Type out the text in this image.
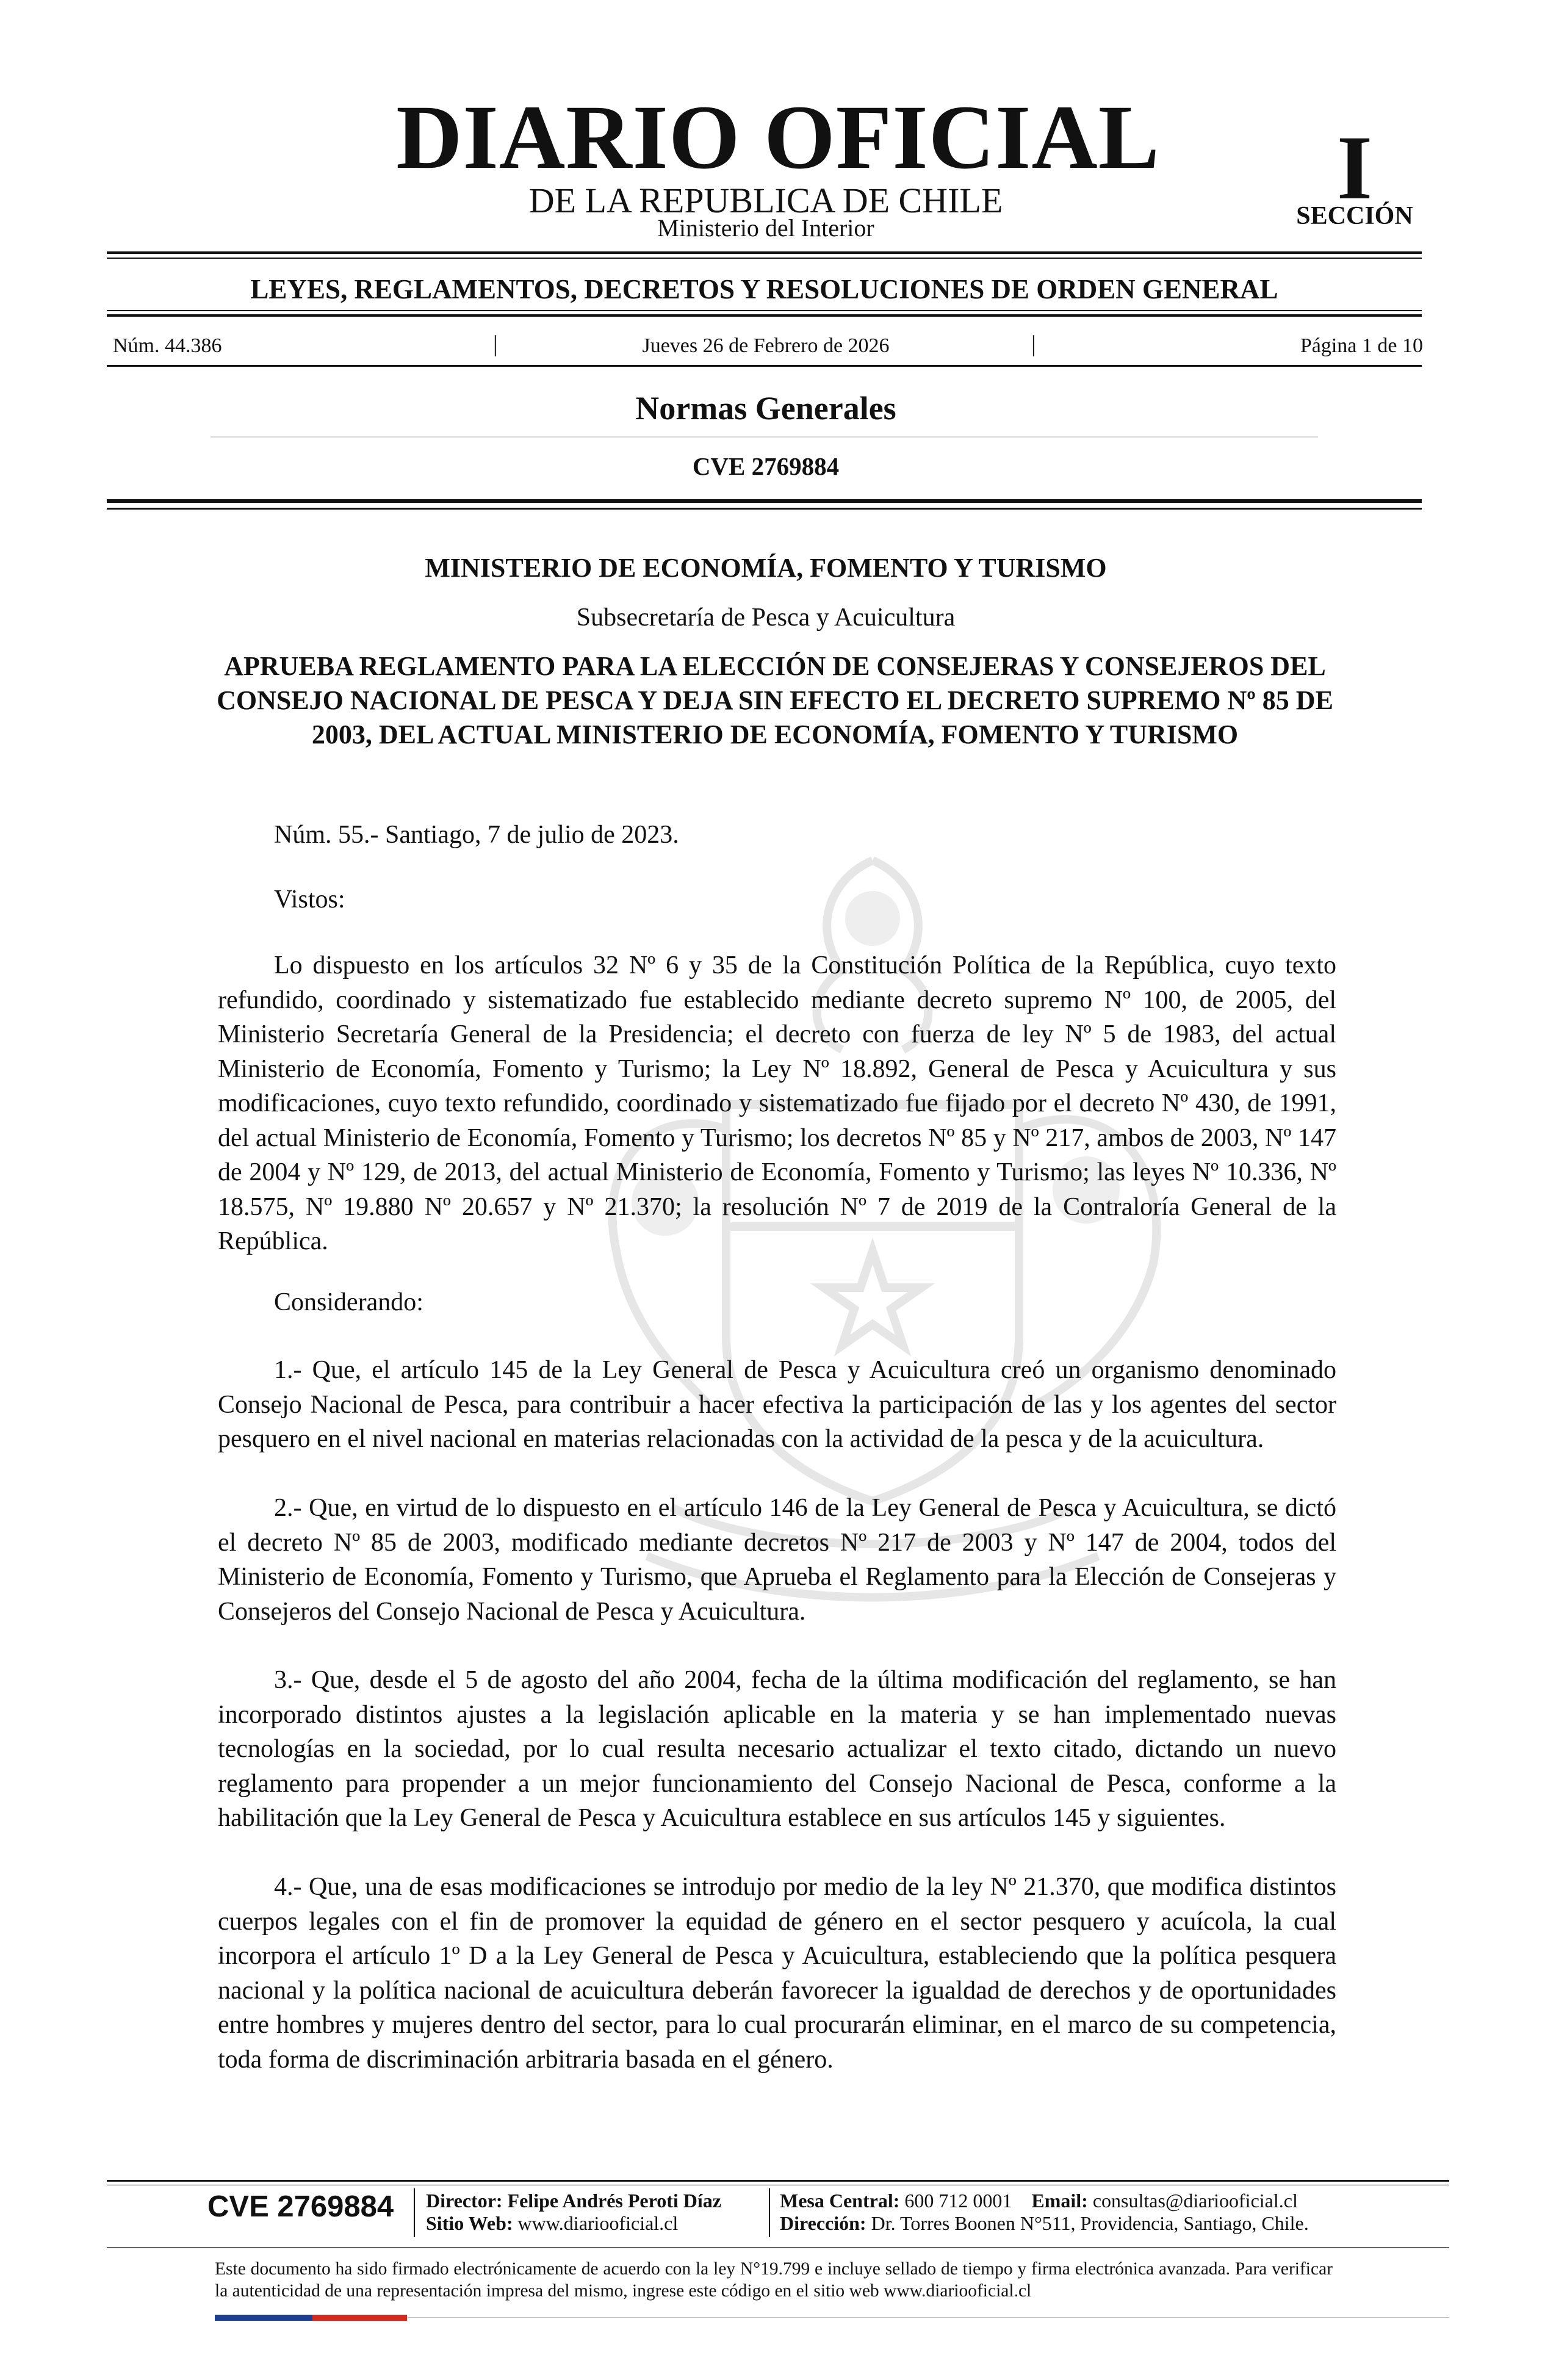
DIARIO OFICIAL
DE LA REPUBLICA DE CHILE
Ministerio del Interior
I
SECCIÓN
LEYES, REGLAMENTOS, DECRETOS Y RESOLUCIONES DE ORDEN GENERAL
Núm. 44.386	|	Jueves 26 de Febrero de 2026	|	Página 1 de 10
Normas Generales
CVE 2769884
MINISTERIO DE ECONOMÍA, FOMENTO Y TURISMO
Subsecretaría de Pesca y Acuicultura
APRUEBA REGLAMENTO PARA LA ELECCIÓN DE CONSEJERAS Y CONSEJEROS DEL CONSEJO NACIONAL DE PESCA Y DEJA SIN EFECTO EL DECRETO SUPREMO Nº 85 DE 2003, DEL ACTUAL MINISTERIO DE ECONOMÍA, FOMENTO Y TURISMO
Núm. 55.- Santiago, 7 de julio de 2023.
Vistos:
Lo dispuesto en los artículos 32 Nº 6 y 35 de la Constitución Política de la República, cuyo texto refundido, coordinado y sistematizado fue establecido mediante decreto supremo Nº 100, de 2005, del Ministerio Secretaría General de la Presidencia; el decreto con fuerza de ley Nº 5 de 1983, del actual Ministerio de Economía, Fomento y Turismo; la Ley Nº 18.892, General de Pesca y Acuicultura y sus modificaciones, cuyo texto refundido, coordinado y sistematizado fue fijado por el decreto Nº 430, de 1991, del actual Ministerio de Economía, Fomento y Turismo; los decretos Nº 85 y Nº 217, ambos de 2003, Nº 147 de 2004 y Nº 129, de 2013, del actual Ministerio de Economía, Fomento y Turismo; las leyes Nº 10.336, Nº 18.575, Nº 19.880 Nº 20.657 y Nº 21.370; la resolución Nº 7 de 2019 de la Contraloría General de la República.
Considerando:
1.- Que, el artículo 145 de la Ley General de Pesca y Acuicultura creó un organismo denominado Consejo Nacional de Pesca, para contribuir a hacer efectiva la participación de las y los agentes del sector pesquero en el nivel nacional en materias relacionadas con la actividad de la pesca y de la acuicultura.
2.- Que, en virtud de lo dispuesto en el artículo 146 de la Ley General de Pesca y Acuicultura, se dictó el decreto Nº 85 de 2003, modificado mediante decretos Nº 217 de 2003 y Nº 147 de 2004, todos del Ministerio de Economía, Fomento y Turismo, que Aprueba el Reglamento para la Elección de Consejeras y Consejeros del Consejo Nacional de Pesca y Acuicultura.
3.- Que, desde el 5 de agosto del año 2004, fecha de la última modificación del reglamento, se han incorporado distintos ajustes a la legislación aplicable en la materia y se han implementado nuevas tecnologías en la sociedad, por lo cual resulta necesario actualizar el texto citado, dictando un nuevo reglamento para propender a un mejor funcionamiento del Consejo Nacional de Pesca, conforme a la habilitación que la Ley General de Pesca y Acuicultura establece en sus artículos 145 y siguientes.
4.- Que, una de esas modificaciones se introdujo por medio de la ley Nº 21.370, que modifica distintos cuerpos legales con el fin de promover la equidad de género en el sector pesquero y acuícola, la cual incorpora el artículo 1º D a la Ley General de Pesca y Acuicultura, estableciendo que la política pesquera nacional y la política nacional de acuicultura deberán favorecer la igualdad de derechos y de oportunidades entre hombres y mujeres dentro del sector, para lo cual procurarán eliminar, en el marco de su competencia, toda forma de discriminación arbitraria basada en el género.
CVE 2769884 Director: Felipe Andrés Peroti Díaz
Sitio Web: www.diariooficial.cl
Mesa Central: 600 712 0001 Email: consultas@diariooficial.cl
Dirección: Dr. Torres Boonen N°511, Providencia, Santiago, Chile.
Este documento ha sido firmado electrónicamente de acuerdo con la ley N°19.799 e incluye sellado de tiempo y firma electrónica avanzada. Para verificar la autenticidad de una representación impresa del mismo, ingrese este código en el sitio web www.diariooficial.cl
